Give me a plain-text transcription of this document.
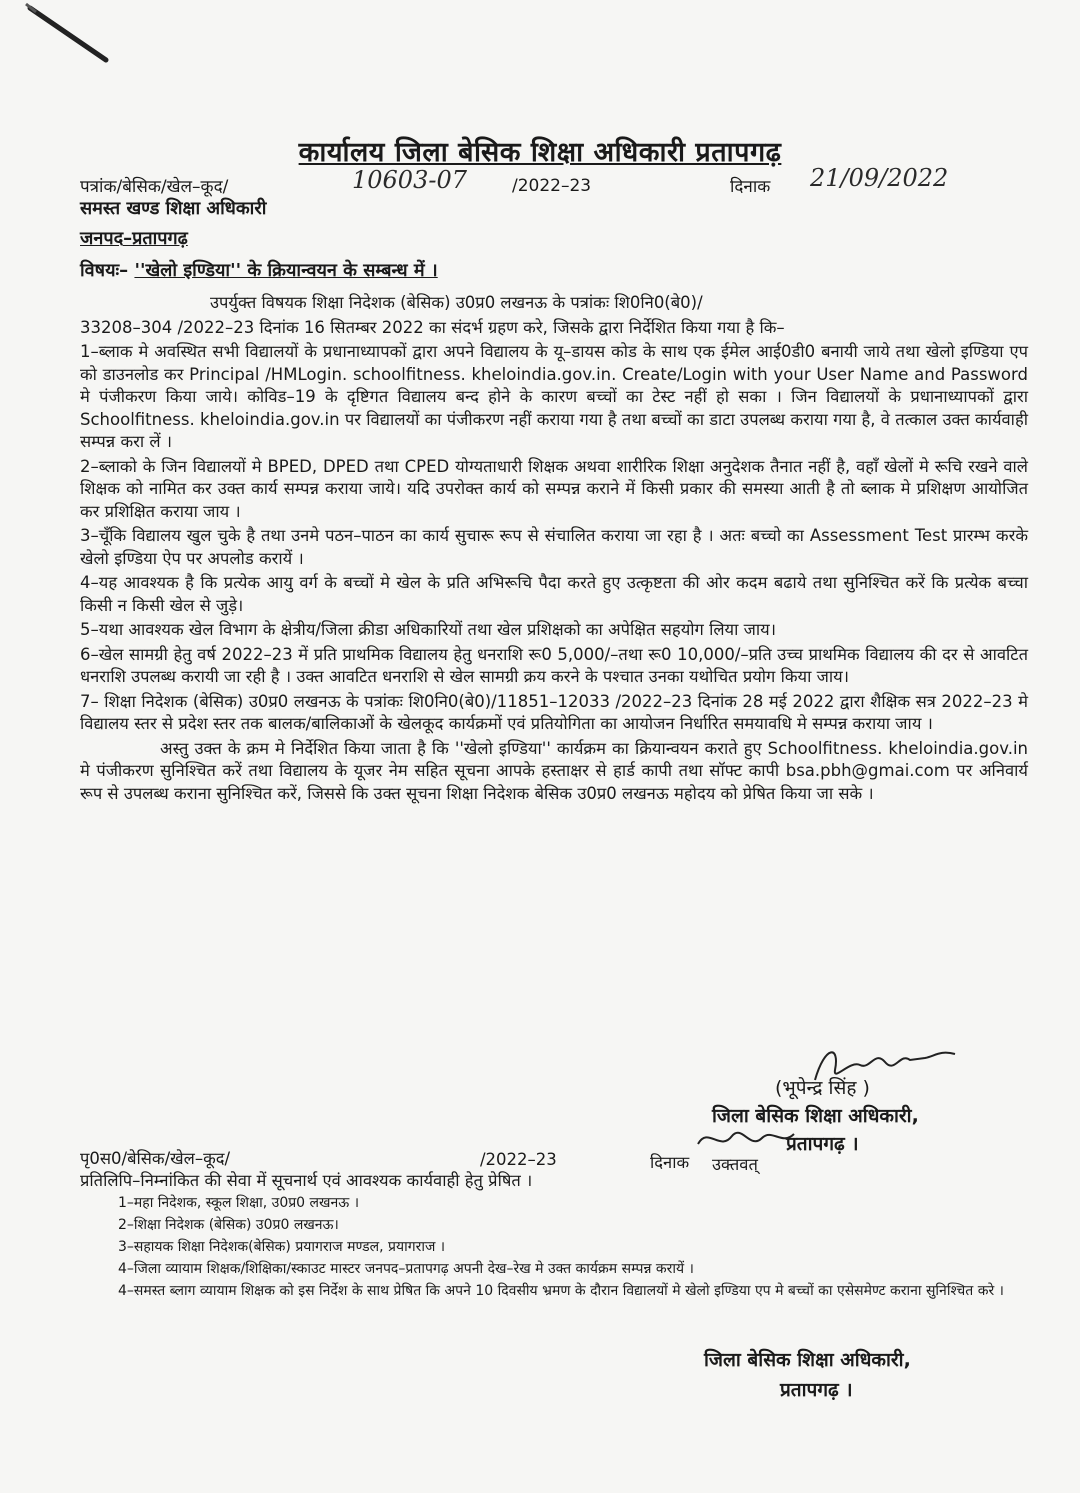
कार्यालय जिला बेसिक शिक्षा अधिकारी प्रतापगढ़
पत्रांक/बेसिक/खेल–कूद/	10603-07	/2022–23	दिनाक 21/09/2022
समस्त खण्ड शिक्षा अधिकारी
जनपद–प्रतापगढ़
विषयः– ''खेलो इण्डिया'' के क्रियान्वयन के सम्बन्ध में ।

उपर्युक्त विषयक शिक्षा निदेशक (बेसिक) उ0प्र0 लखनऊ के पत्रांकः शि0नि0(बे0)/

33208–304 /2022–23 दिनांक 16 सितम्बर 2022 का संदर्भ ग्रहण करे, जिसके द्वारा निर्देशित किया गया है कि–

1–ब्लाक मे अवस्थित सभी विद्यालयों के प्रधानाध्यापकों द्वारा अपने विद्यालय के यू–डायस कोड के साथ एक ईमेल आई0डी0 बनायी जाये तथा खेलो इण्डिया एप को डाउनलोड कर Principal /HMLogin. schoolfitness. kheloindia.gov.in. Create/Login with your User Name and Password मे पंजीकरण किया जाये। कोविड–19 के दृष्टिगत विद्यालय बन्द होने के कारण बच्चों का टेस्ट नहीं हो सका । जिन विद्यालयों के प्रधानाध्यापकों द्वारा Schoolfitness. kheloindia.gov.in पर विद्यालयों का पंजीकरण नहीं कराया गया है तथा बच्चों का डाटा उपलब्ध कराया गया है, वे तत्काल उक्त कार्यवाही सम्पन्न करा लें ।

2–ब्लाको के जिन विद्यालयों मे BPED, DPED तथा CPED योग्यताधारी शिक्षक अथवा शारीरिक शिक्षा अनुदेशक तैनात नहीं है, वहाँ खेलों मे रूचि रखने वाले शिक्षक को नामित कर उक्त कार्य सम्पन्न कराया जाये। यदि उपरोक्त कार्य को सम्पन्न कराने में किसी प्रकार की समस्या आती है तो ब्लाक मे प्रशिक्षण आयोजित कर प्रशिक्षित कराया जाय ।

3–चूँकि विद्यालय खुल चुके है तथा उनमे पठन–पाठन का कार्य सुचारू रूप से संचालित कराया जा रहा है । अतः बच्चो का Assessment Test प्रारम्भ करके खेलो इण्डिया ऐप पर अपलोड करायें ।

4–यह आवश्यक है कि प्रत्येक आयु वर्ग के बच्चों मे खेल के प्रति अभिरूचि पैदा करते हुए उत्कृष्टता की ओर कदम बढाये तथा सुनिश्चित करें कि प्रत्येक बच्चा किसी न किसी खेल से जुड़े।

5–यथा आवश्यक खेल विभाग के क्षेत्रीय/जिला क्रीडा अधिकारियों तथा खेल प्रशिक्षको का अपेक्षित सहयोग लिया जाय।

6–खेल सामग्री हेतु वर्ष 2022–23 में प्रति प्राथमिक विद्यालय हेतु धनराशि रू0 5,000/–तथा रू0 10,000/–प्रति उच्च प्राथमिक विद्यालय की दर से आवटित धनराशि उपलब्ध करायी जा रही है । उक्त आवटित धनराशि से खेल सामग्री क्रय करने के पश्चात उनका यथोचित प्रयोग किया जाय।

7– शिक्षा निदेशक (बेसिक) उ0प्र0 लखनऊ के पत्रांकः शि0नि0(बे0)/11851–12033 /2022–23 दिनांक 28 मई 2022 द्वारा शैक्षिक सत्र 2022–23 मे विद्यालय स्तर से प्रदेश स्तर तक बालक/बालिकाओं के खेलकूद कार्यक्रमों एवं प्रतियोगिता का आयोजन निर्धारित समयावधि मे सम्पन्न कराया जाय ।

अस्तु उक्त के क्रम मे निर्देशित किया जाता है कि ''खेलो इण्डिया'' कार्यक्रम का क्रियान्वयन कराते हुए Schoolfitness. kheloindia.gov.in मे पंजीकरण सुनिश्चित करें तथा विद्यालय के यूजर नेम सहित सूचना आपके हस्ताक्षर से हार्ड कापी तथा सॉफ्ट कापी bsa.pbh@gmai.com पर अनिवार्य रूप से उपलब्ध कराना सुनिश्चित करें, जिससे कि उक्त सूचना शिक्षा निदेशक बेसिक उ0प्र0 लखनऊ महोदय को प्रेषित किया जा सके ।

(भूपेन्द्र सिंह )
जिला बेसिक शिक्षा अधिकारी,
प्रतापगढ़ ।
पृ0स0/बेसिक/खेल–कूद/	/2022–23	दिनाक उक्तवत्
प्रतिलिपि–निम्नांकित की सेवा में सूचनार्थ एवं आवश्यक कार्यवाही हेतु प्रेषित ।

1–महा निदेशक, स्कूल शिक्षा, उ0प्र0 लखनऊ ।

2–शिक्षा निदेशक (बेसिक) उ0प्र0 लखनऊ।

3–सहायक शिक्षा निदेशक(बेसिक) प्रयागराज मण्डल, प्रयागराज ।

4–जिला व्यायाम शिक्षक/शिक्षिका/स्काउट मास्टर जनपद–प्रतापगढ़ अपनी देख–रेख मे उक्त कार्यक्रम सम्पन्न करायें ।

4–समस्त ब्लाग व्यायाम शिक्षक को इस निर्देश के साथ प्रेषित कि अपने 10 दिवसीय भ्रमण के दौरान विद्यालयों मे खेलो इण्डिया एप मे बच्चों का एसेसमेण्ट कराना सुनिश्चित करे ।

जिला बेसिक शिक्षा अधिकारी,
प्रतापगढ़ ।
